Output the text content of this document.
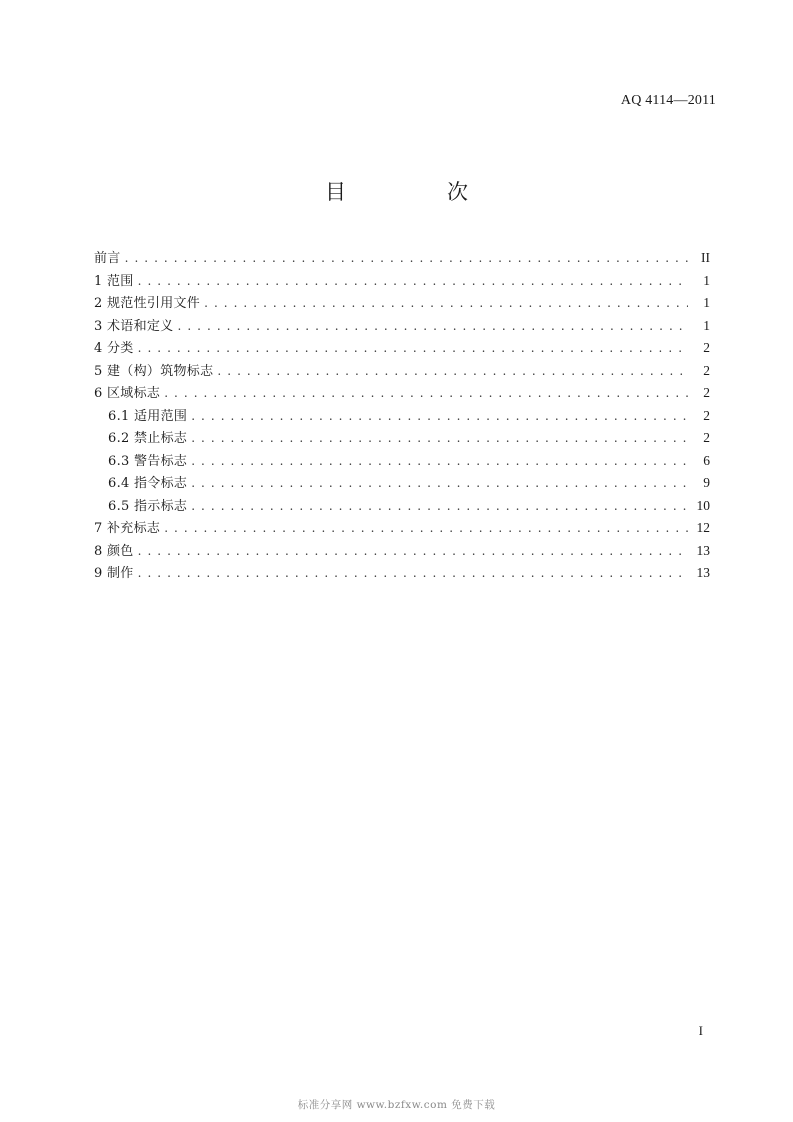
AQ 4114—2011
目　次
前言 . . .	II
1 范围 . . .	1
2 规范性引用文件 . . .	1
3 术语和定义 . . .	1
4 分类 . . .	2
5 建（构）筑物标志 . . .	2
6 区域标志 . . .	2
6.1 适用范围 . . .	2
6.2 禁止标志 . . .	2
6.3 警告标志 . . .	6
6.4 指令标志 . . .	9
6.5 指示标志 . . .	10
7 补充标志 . . .	12
8 颜色 . . .	13
9 制作 . . .	13
I
标准分享网 www.bzfxw.com 免费下载
